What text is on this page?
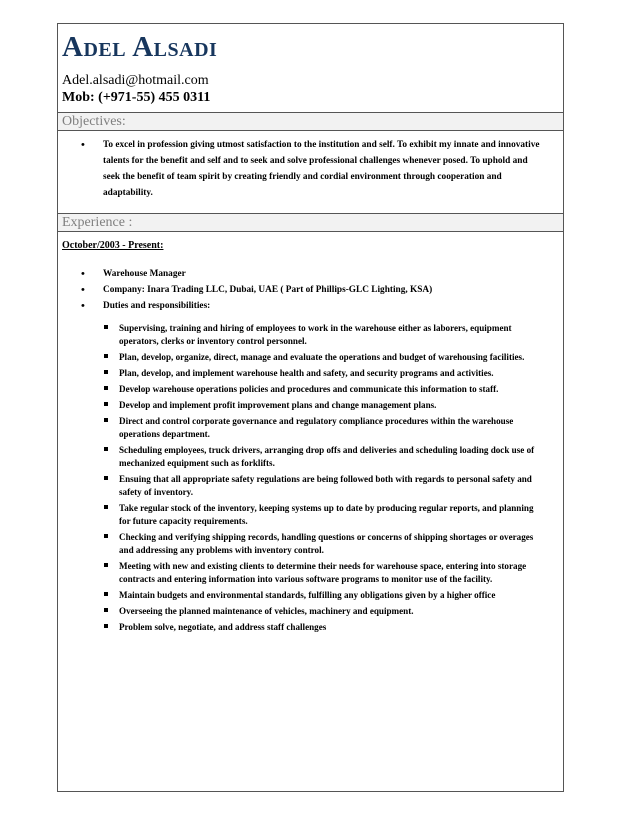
Adel Alsadi
Adel.alsadi@hotmail.com
Mob: (+971-55) 455 0311
Objectives:
• To excel in profession giving utmost satisfaction to the institution and self. To exhibit my innate and innovative talents for the benefit and self and to seek and solve professional challenges whenever posed. To uphold and seek the benefit of team spirit by creating friendly and cordial environment through cooperation and adaptability.
Experience :
October/2003 - Present:
• Warehouse Manager
• Company: Inara Trading LLC, Dubai, UAE ( Part of Phillips-GLC Lighting, KSA)
• Duties and responsibilities:
Supervising, training and hiring of employees to work in the warehouse either as laborers, equipment operators, clerks or inventory control personnel.
Plan, develop, organize, direct, manage and evaluate the operations and budget of warehousing facilities.
Plan, develop, and implement warehouse health and safety, and security programs and activities.
Develop warehouse operations policies and procedures and communicate this information to staff.
Develop and implement profit improvement plans and change management plans.
Direct and control corporate governance and regulatory compliance procedures within the warehouse operations department.
Scheduling employees, truck drivers, arranging drop offs and deliveries and scheduling loading dock use of mechanized equipment such as forklifts.
Ensuing that all appropriate safety regulations are being followed both with regards to personal safety and safety of inventory.
Take regular stock of the inventory, keeping systems up to date by producing regular reports, and planning for future capacity requirements.
Checking and verifying shipping records, handling questions or concerns of shipping shortages or overages and addressing any problems with inventory control.
Meeting with new and existing clients to determine their needs for warehouse space, entering into storage contracts and entering information into various software programs to monitor use of the facility.
Maintain budgets and environmental standards, fulfilling any obligations given by a higher office
Overseeing the planned maintenance of vehicles, machinery and equipment.
Problem solve, negotiate, and address staff challenges
